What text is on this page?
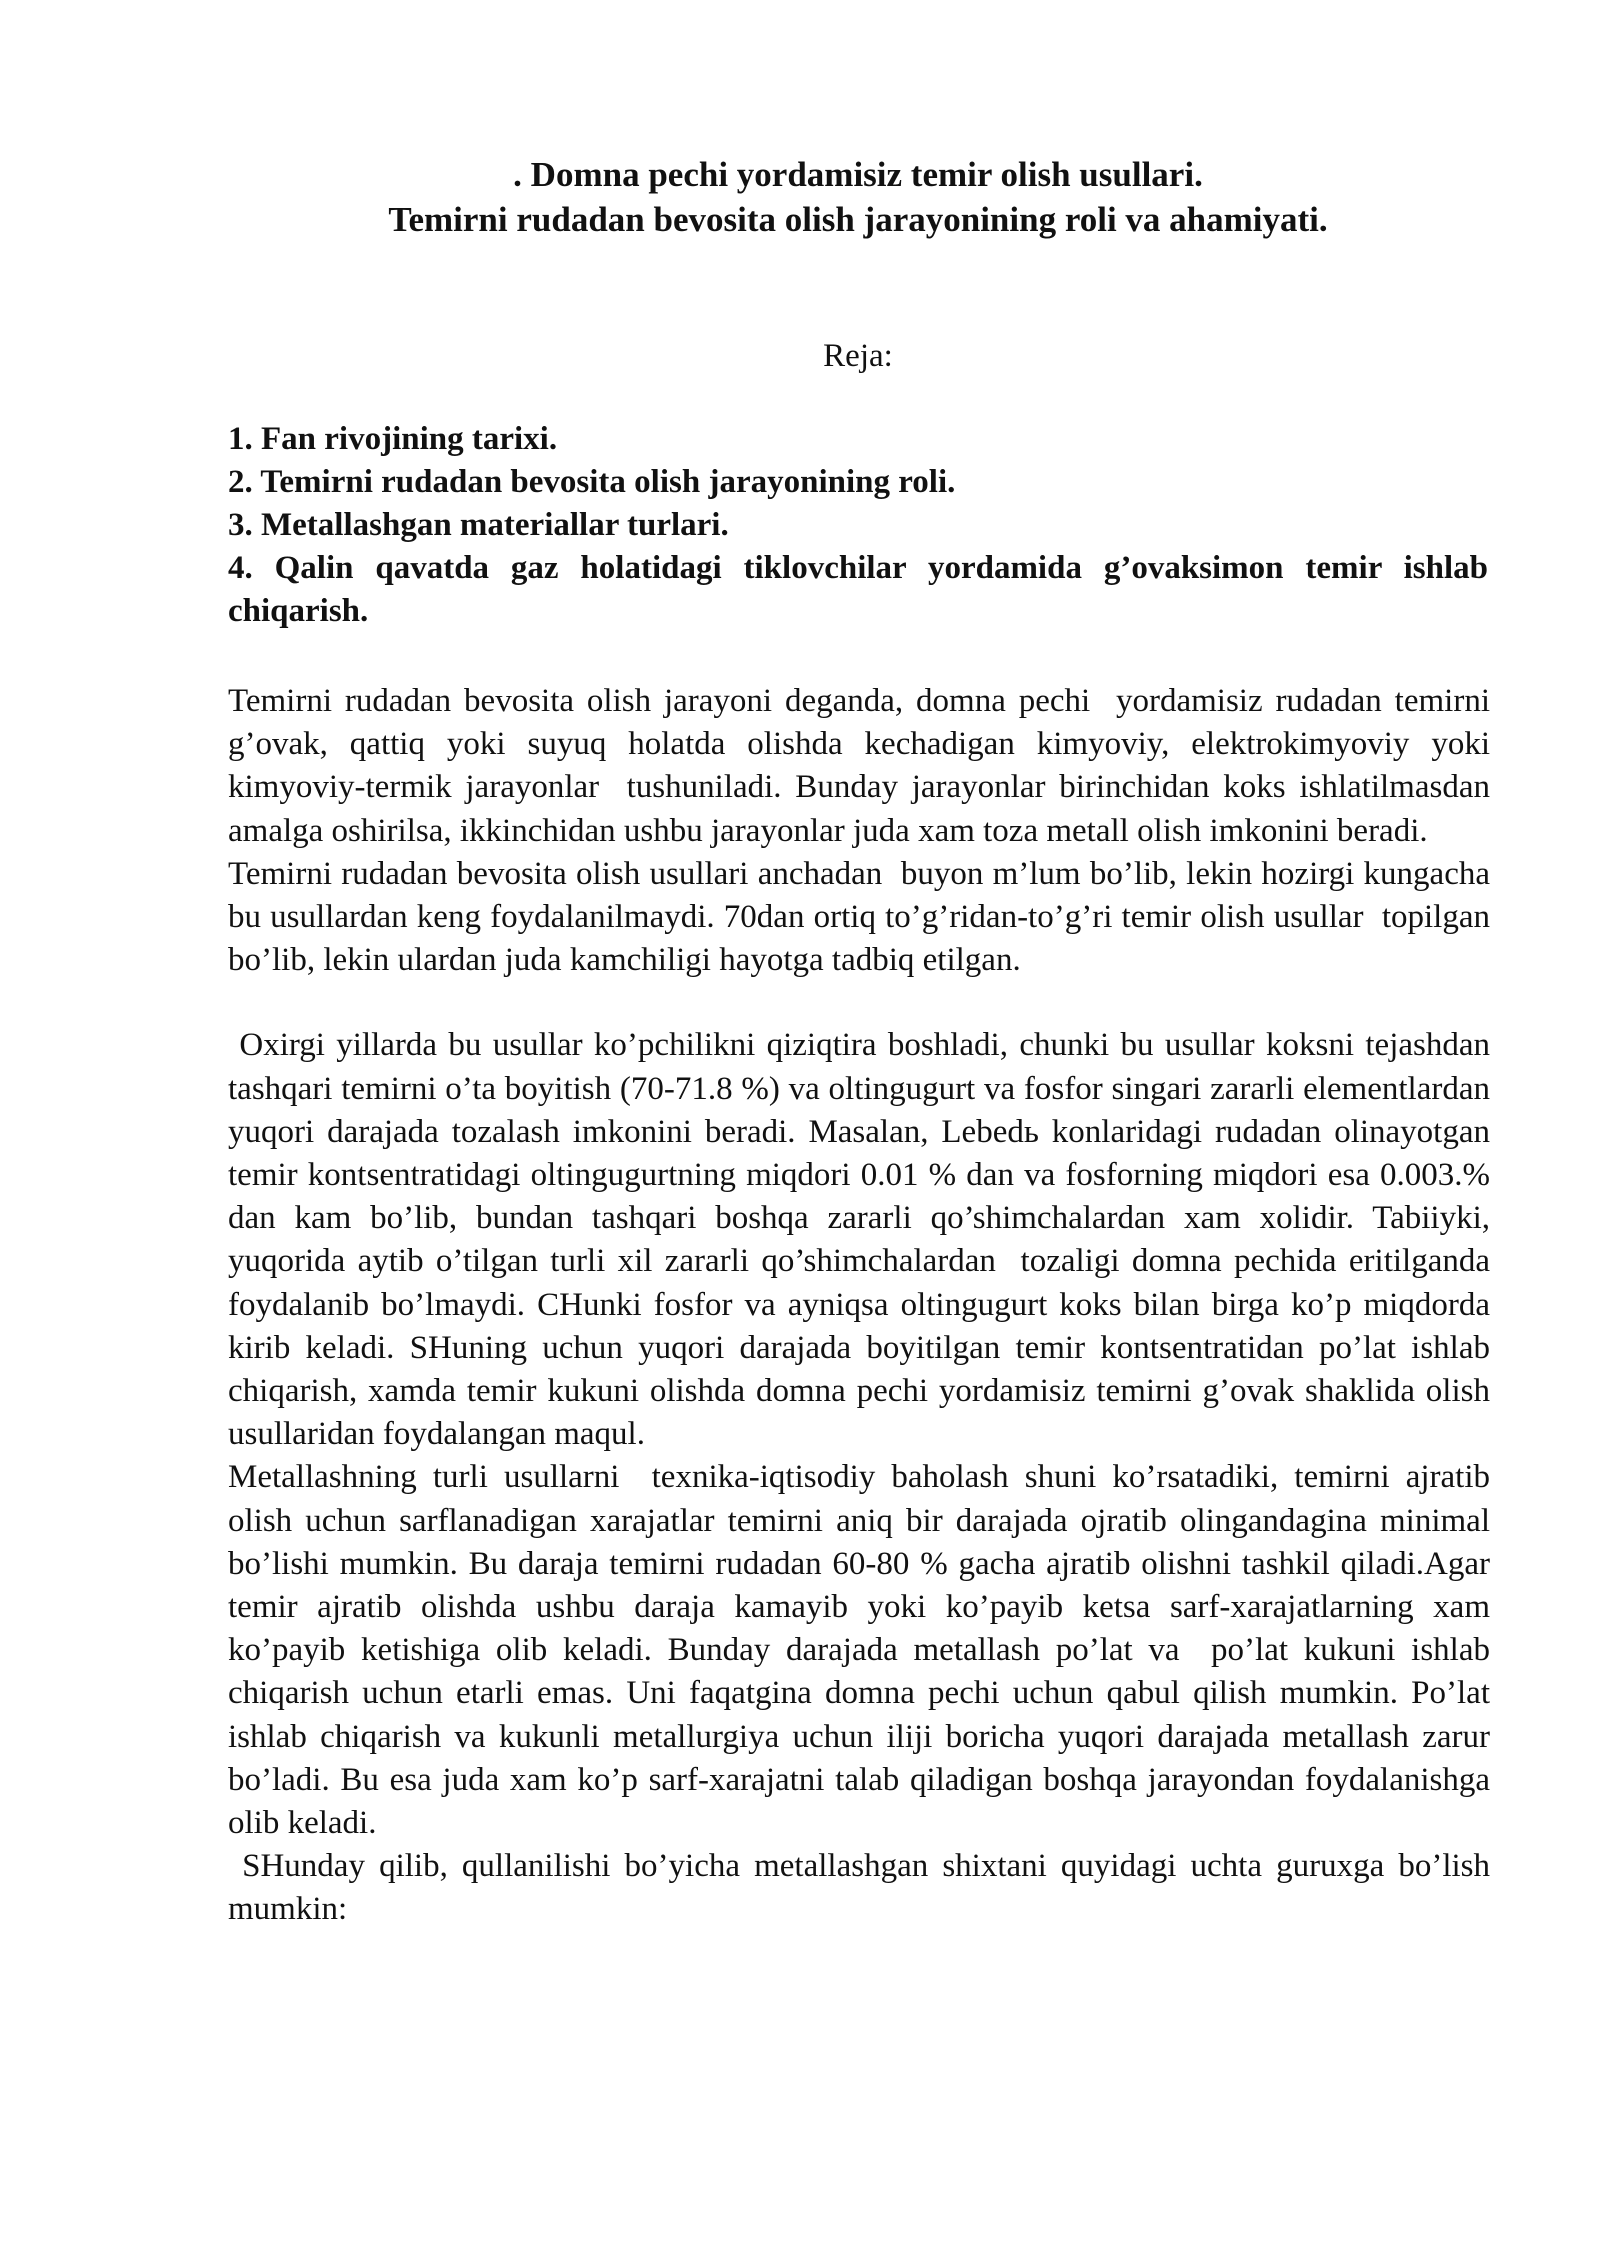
. Domna pechi yordamisiz temir olish usullari.
Temirni rudadan bevosita olish jarayonining roli va ahamiyati.
Reja:
1. Fan rivojining tarixi.
2. Temirni rudadan bevosita olish jarayonining roli.
3. Metallashgan materiallar turlari.
4. Qalin qavatda gaz holatidagi tiklovchilar yordamida g’ovaksimon temir ishlab chiqarish.

Temirni rudadan bevosita olish jarayoni deganda, domna pechi  yordamisiz rudadan temirni g’ovak, qattiq yoki suyuq holatda olishda kechadigan kimyoviy, elektrokimyoviy yoki kimyoviy-termik jarayonlar  tushuniladi. Bunday jarayonlar birinchidan koks ishlatilmasdan amalga oshirilsa, ikkinchidan ushbu jarayonlar juda xam toza metall olish imkonini beradi.

Temirni rudadan bevosita olish usullari anchadan  buyon m’lum bo’lib, lekin hozirgi kungacha  bu usullardan keng foydalanilmaydi. 70dan ortiq to’g’ridan-to’g’ri temir olish usullar  topilgan bo’lib, lekin ulardan juda kamchiligi hayotga tadbiq etilgan.

Oxirgi yillarda bu usullar ko’pchilikni qiziqtira boshladi, chunki bu usullar koksni tejashdan tashqari temirni o’ta boyitish (70-71.8 %) va oltingugurt va fosfor singari zararli elementlardan yuqori darajada tozalash imkonini beradi. Masalan, Lebedь konlaridagi rudadan olinayotgan temir kontsentratidagi oltingugurtning miqdori 0.01 % dan va fosforning miqdori esa 0.003.% dan kam bo’lib, bundan tashqari boshqa zararli qo’shimchalardan xam xolidir. Tabiiyki, yuqorida aytib o’tilgan turli xil zararli qo’shimchalardan  tozaligi domna pechida eritilganda foydalanib bo’lmaydi. CHunki fosfor va ayniqsa oltingugurt koks bilan birga ko’p miqdorda kirib keladi. SHuning uchun yuqori darajada boyitilgan temir kontsentratidan po’lat ishlab chiqarish, xamda temir kukuni olishda domna pechi yordamisiz temirni g’ovak shaklida olish usullaridan foydalangan maqul.

Metallashning turli usullarni  texnika-iqtisodiy baholash shuni ko’rsatadiki, temirni ajratib olish uchun sarflanadigan xarajatlar temirni aniq bir darajada ojratib olingandagina minimal bo’lishi mumkin. Bu daraja temirni rudadan 60-80 % gacha ajratib olishni tashkil qiladi.Agar temir ajratib olishda ushbu daraja kamayib yoki ko’payib ketsa sarf-xarajatlarning xam ko’payib ketishiga olib keladi. Bunday darajada metallash po’lat va  po’lat kukuni ishlab chiqarish uchun etarli emas. Uni faqatgina domna pechi uchun qabul qilish mumkin. Po’lat ishlab chiqarish va kukunli metallurgiya uchun iliji boricha yuqori darajada metallash zarur bo’ladi. Bu esa juda xam ko’p sarf-xarajatni talab qiladigan boshqa jarayondan foydalanishga olib keladi.

SHunday qilib, qullanilishi bo’yicha metallashgan shixtani quyidagi uchta guruxga bo’lish mumkin:
